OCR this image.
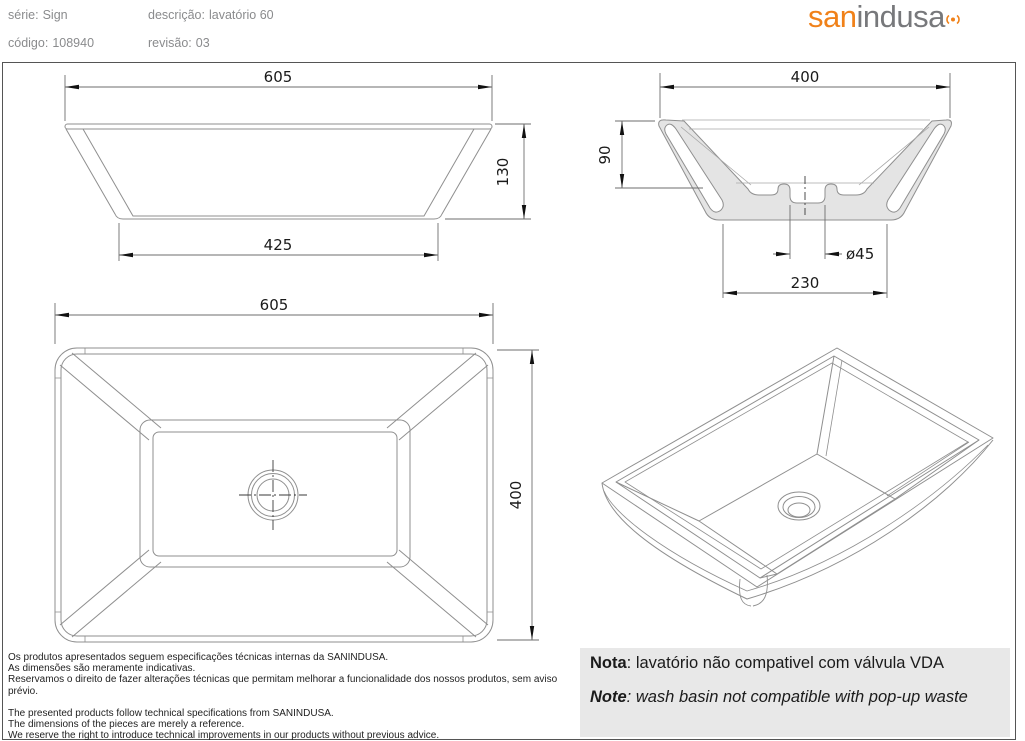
série: Sign	descrição: lavatório 60
código: 108940	revisão: 03
sanindusa
605
130
425
400
90
ø45
230
605
400
Os produtos apresentados seguem especificações técnicas internas da SANINDUSA.
As dimensões são meramente indicativas.
Reservamos o direito de fazer alterações técnicas que permitam melhorar a funcionalidade dos nossos produtos, sem aviso prévio.
The presented products follow technical specifications from SANINDUSA.
The dimensions of the pieces are merely a reference.
We reserve the right to introduce technical improvements in our products without previous advice.
Nota: lavatório não compativel com válvula VDA
Note: wash basin not compatible with pop-up waste
